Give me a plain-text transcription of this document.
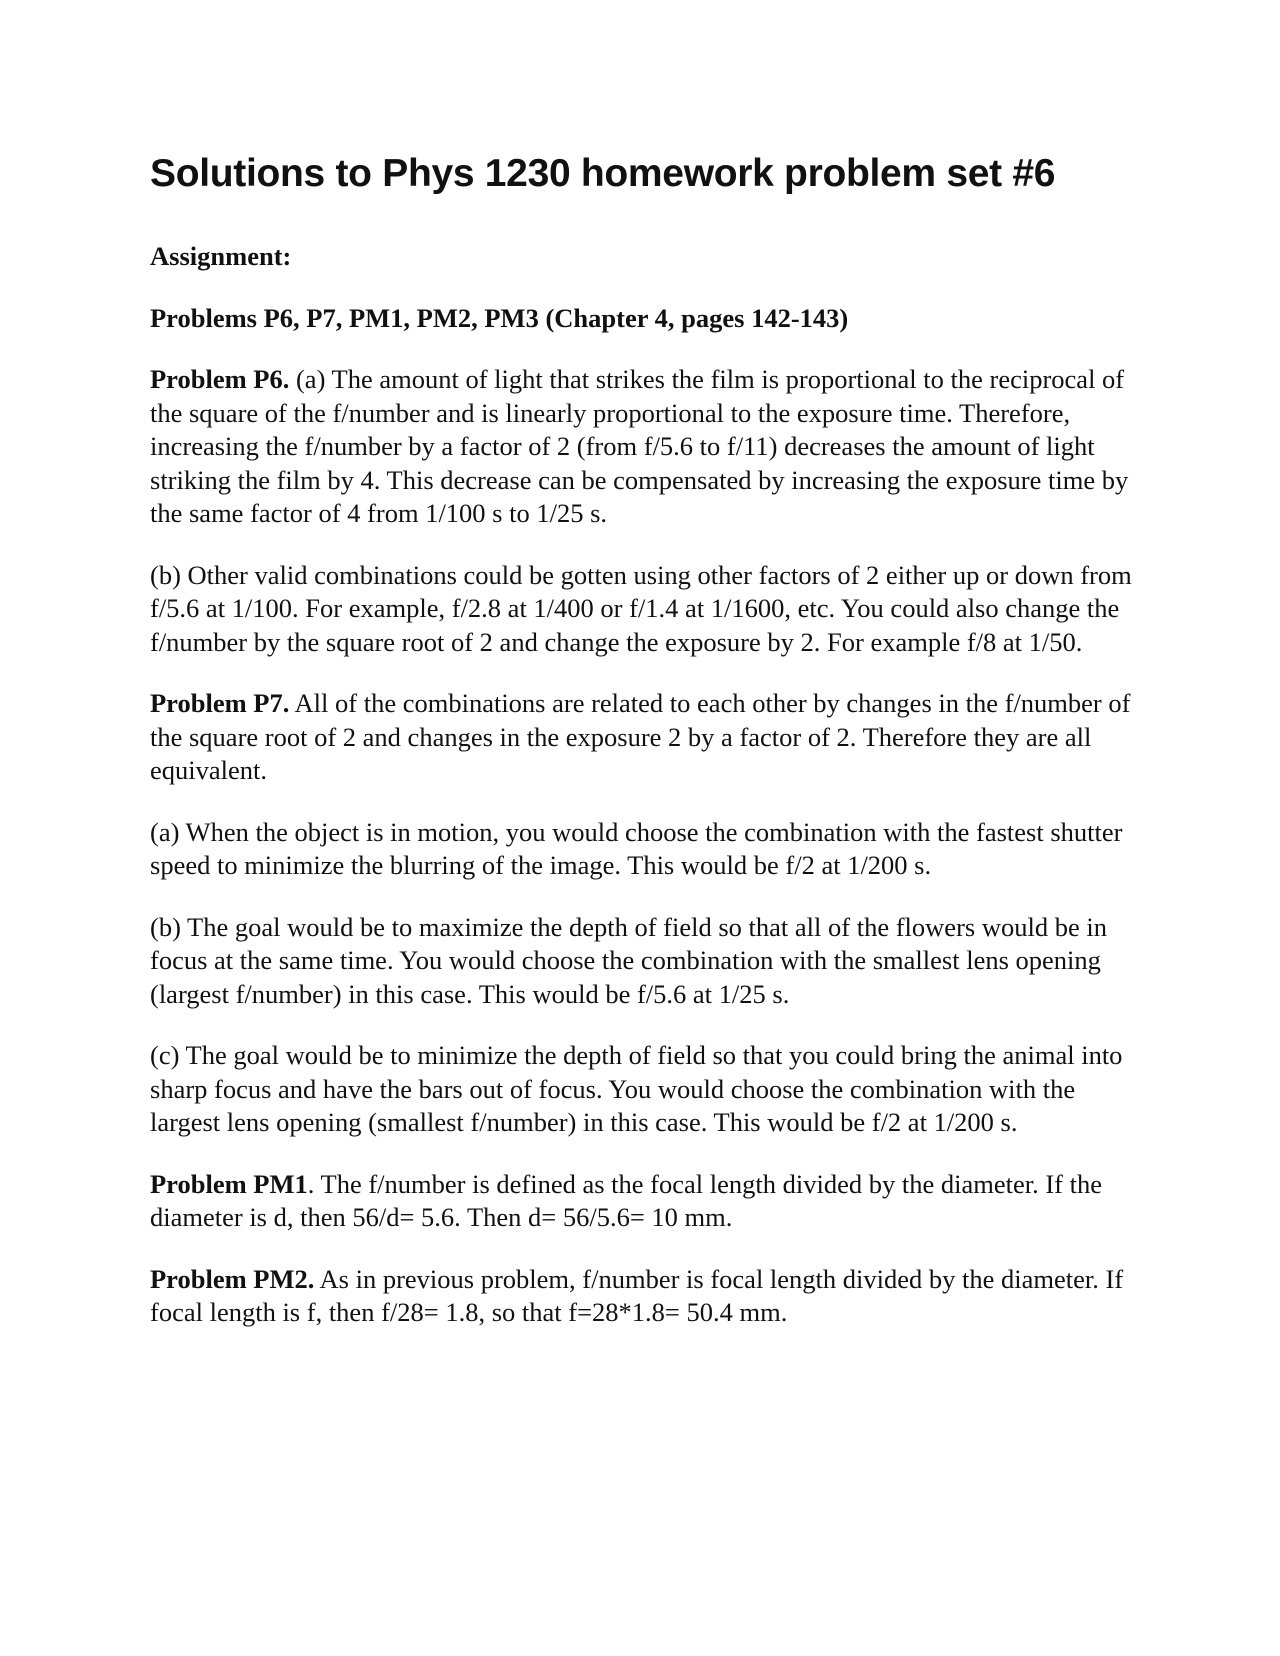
Solutions to Phys 1230 homework problem set #6

Assignment:

Problems P6, P7, PM1, PM2, PM3 (Chapter 4, pages 142-143)

Problem P6. (a) The amount of light that strikes the film is proportional to the reciprocal of the square of the f/number and is linearly proportional to the exposure time. Therefore, increasing the f/number by a factor of 2 (from f/5.6 to f/11) decreases the amount of light striking the film by 4. This decrease can be compensated by increasing the exposure time by the same factor of 4 from 1/100 s to 1/25 s.

(b) Other valid combinations could be gotten using other factors of 2 either up or down from f/5.6 at 1/100. For example, f/2.8 at 1/400 or f/1.4 at 1/1600, etc. You could also change the f/number by the square root of 2 and change the exposure by 2. For example f/8 at 1/50.

Problem P7. All of the combinations are related to each other by changes in the f/number of the square root of 2 and changes in the exposure 2 by a factor of 2. Therefore they are all equivalent.

(a) When the object is in motion, you would choose the combination with the fastest shutter speed to minimize the blurring of the image. This would be f/2 at 1/200 s.

(b) The goal would be to maximize the depth of field so that all of the flowers would be in focus at the same time. You would choose the combination with the smallest lens opening (largest f/number) in this case. This would be f/5.6 at 1/25 s.

(c) The goal would be to minimize the depth of field so that you could bring the animal into sharp focus and have the bars out of focus. You would choose the combination with the largest lens opening (smallest f/number) in this case. This would be f/2 at 1/200 s.

Problem PM1. The f/number is defined as the focal length divided by the diameter. If the diameter is d, then 56/d= 5.6. Then d= 56/5.6= 10 mm.

Problem PM2. As in previous problem, f/number is focal length divided by the diameter. If focal length is f, then f/28= 1.8, so that f=28*1.8= 50.4 mm.
